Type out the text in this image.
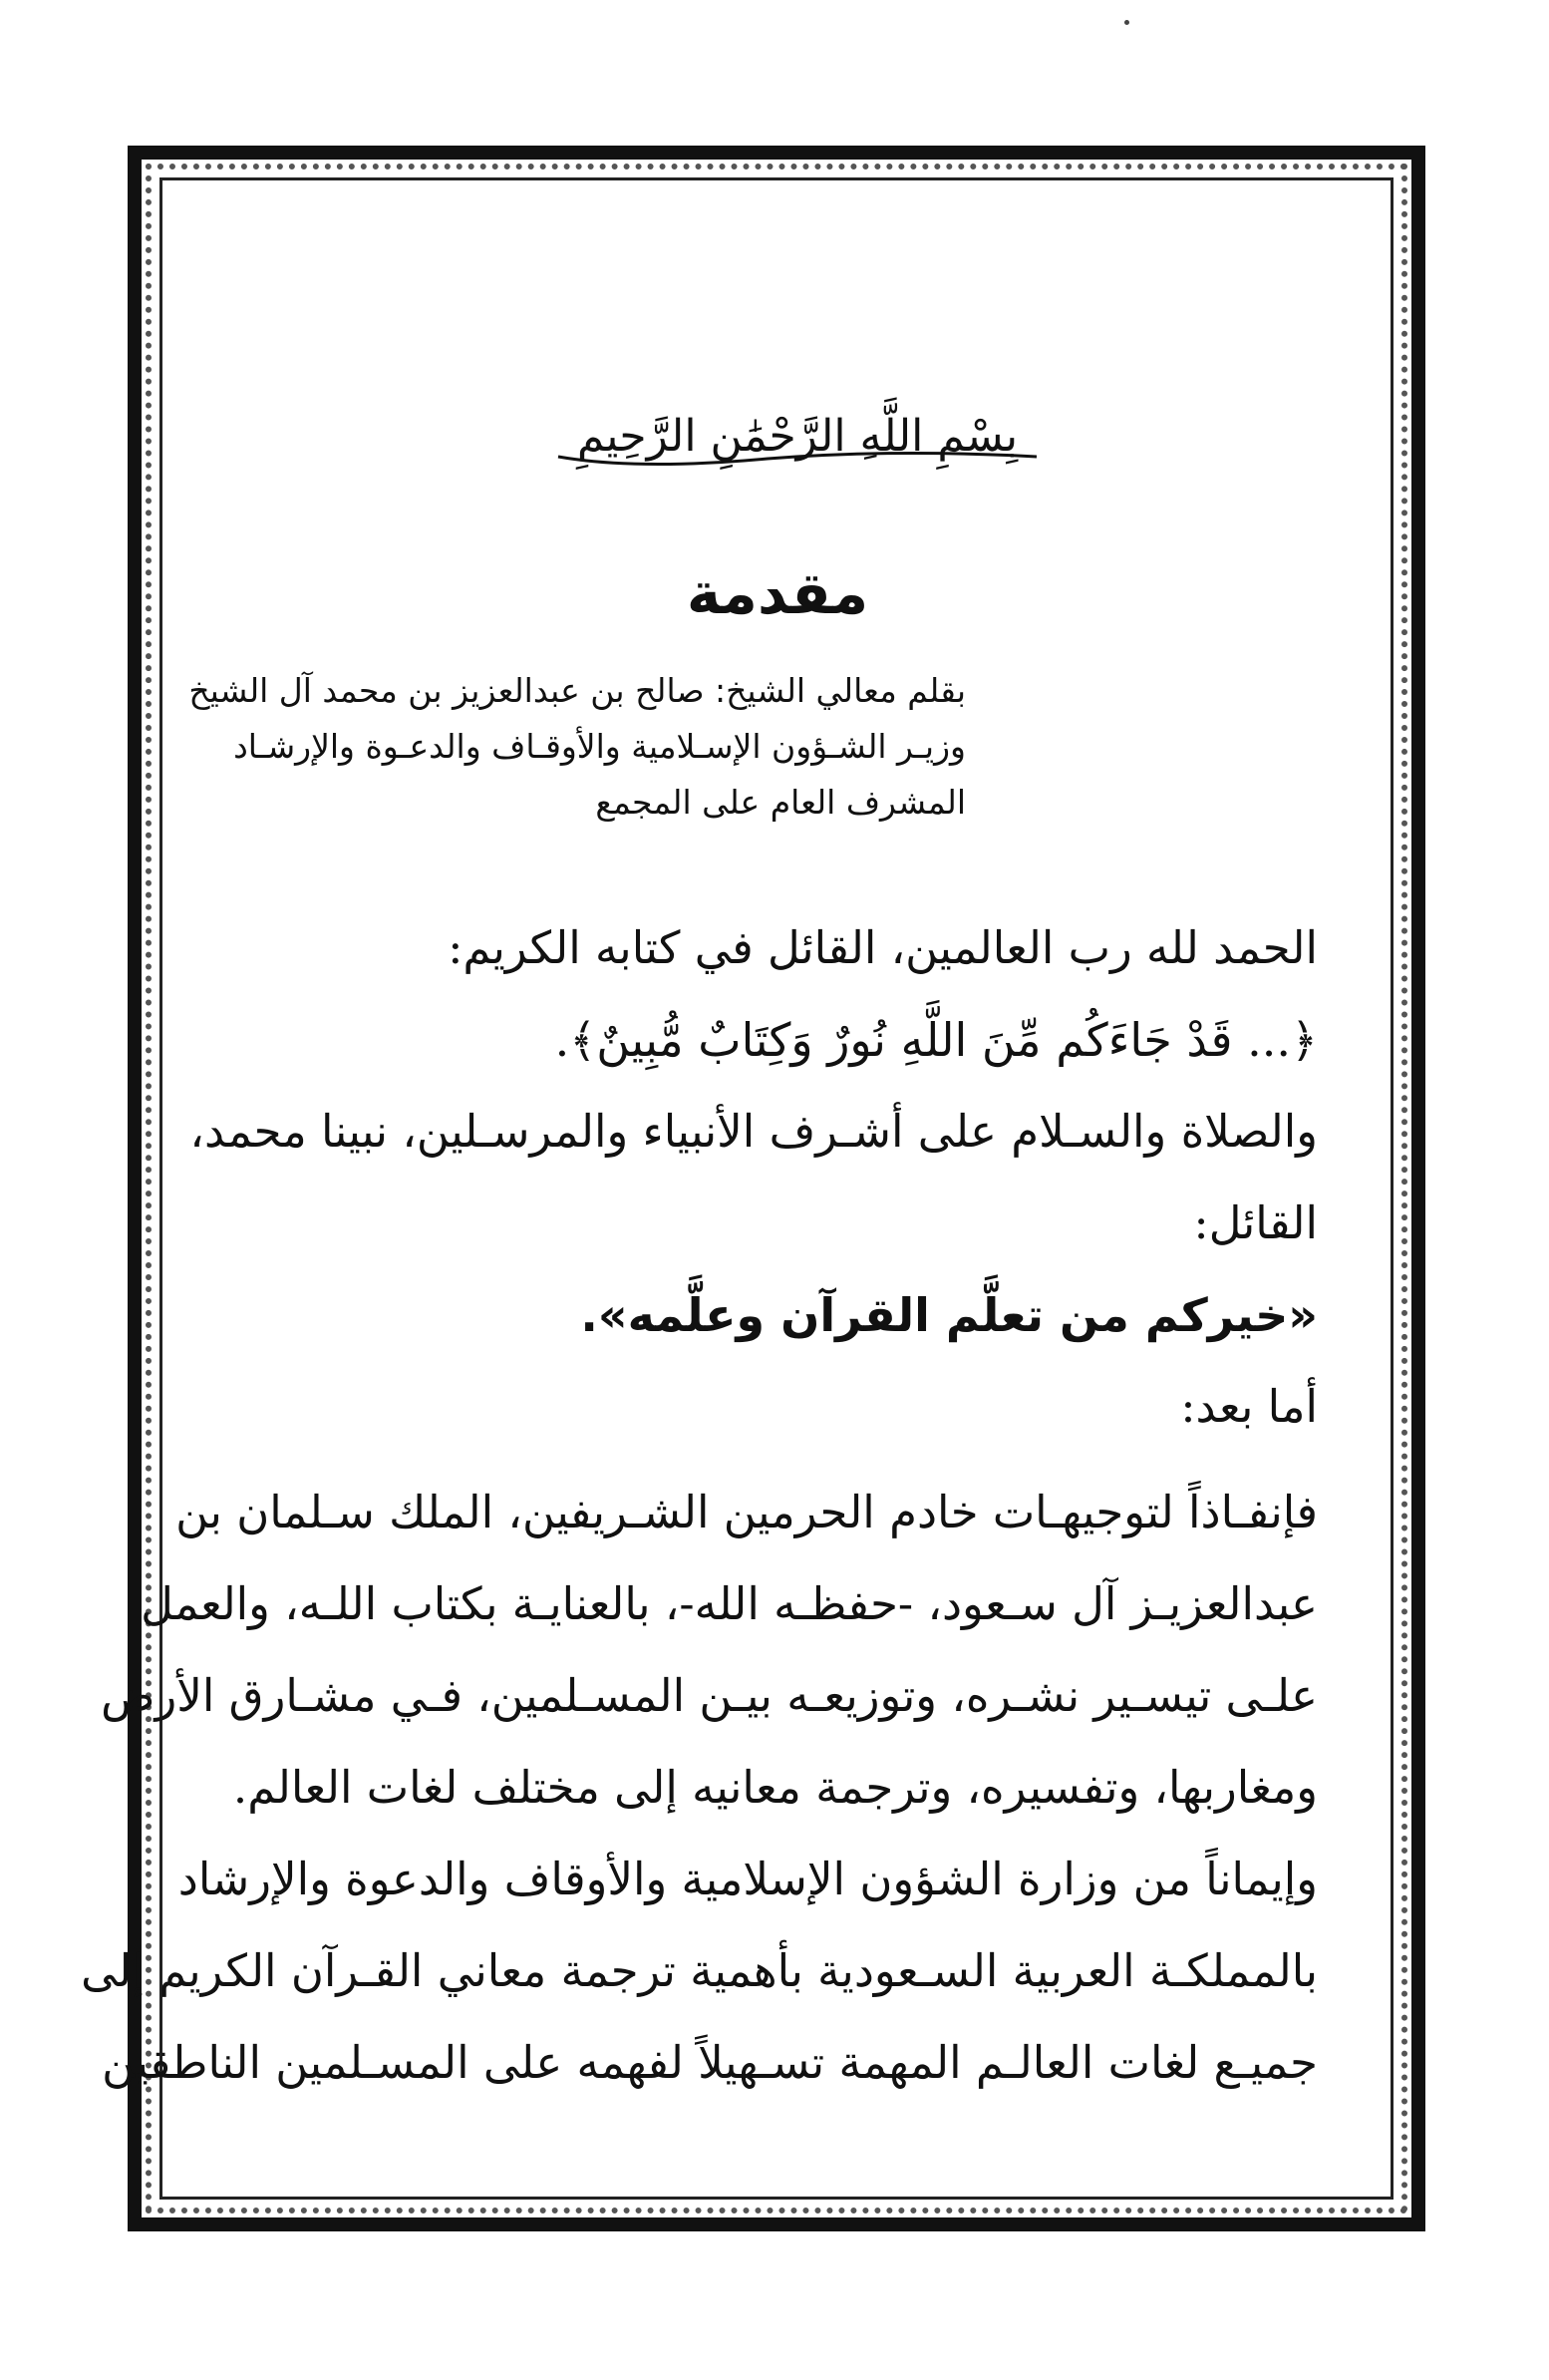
بِسْمِ اللَّهِ الرَّحْمَٰنِ الرَّحِيمِ
مقدمة
بقلم معالي الشيخ: صالح بن عبدالعزيز بن محمد آل الشيخ
وزيـر الشـؤون الإسـلامية والأوقـاف والدعـوة والإرشـاد
المشرف العام على المجمع

الحمد لله رب العالمين، القائل في كتابه الكريم:

﴿... قَدْ جَاءَكُم مِّنَ اللَّهِ نُورٌ وَكِتَابٌ مُّبِينٌ﴾.

والصلاة والسـلام على أشـرف الأنبياء والمرسـلين، نبينا محمد،

القائل:

«خيركم من تعلَّم القرآن وعلَّمه».

أما بعد:

فإنفـاذاً لتوجيهـات خادم الحرمين الشـريفين، الملك سـلمان بن

عبدالعزيـز آل سـعود، -حفظـه الله-، بالعنايـة بكتاب اللـه، والعمل

علـى تيسـير نشـره، وتوزيعـه بيـن المسـلمين، فـي مشـارق الأرض

ومغاربها، وتفسيره، وترجمة معانيه إلى مختلف لغات العالم.

وإيماناً من وزارة الشؤون الإسلامية والأوقاف والدعوة والإرشاد

بالمملكـة العربية السـعودية بأهمية ترجمة معاني القـرآن الكريم إلى

جميـع لغات العالـم المهمة تسـهيلاً لفهمه على المسـلمين الناطقين
